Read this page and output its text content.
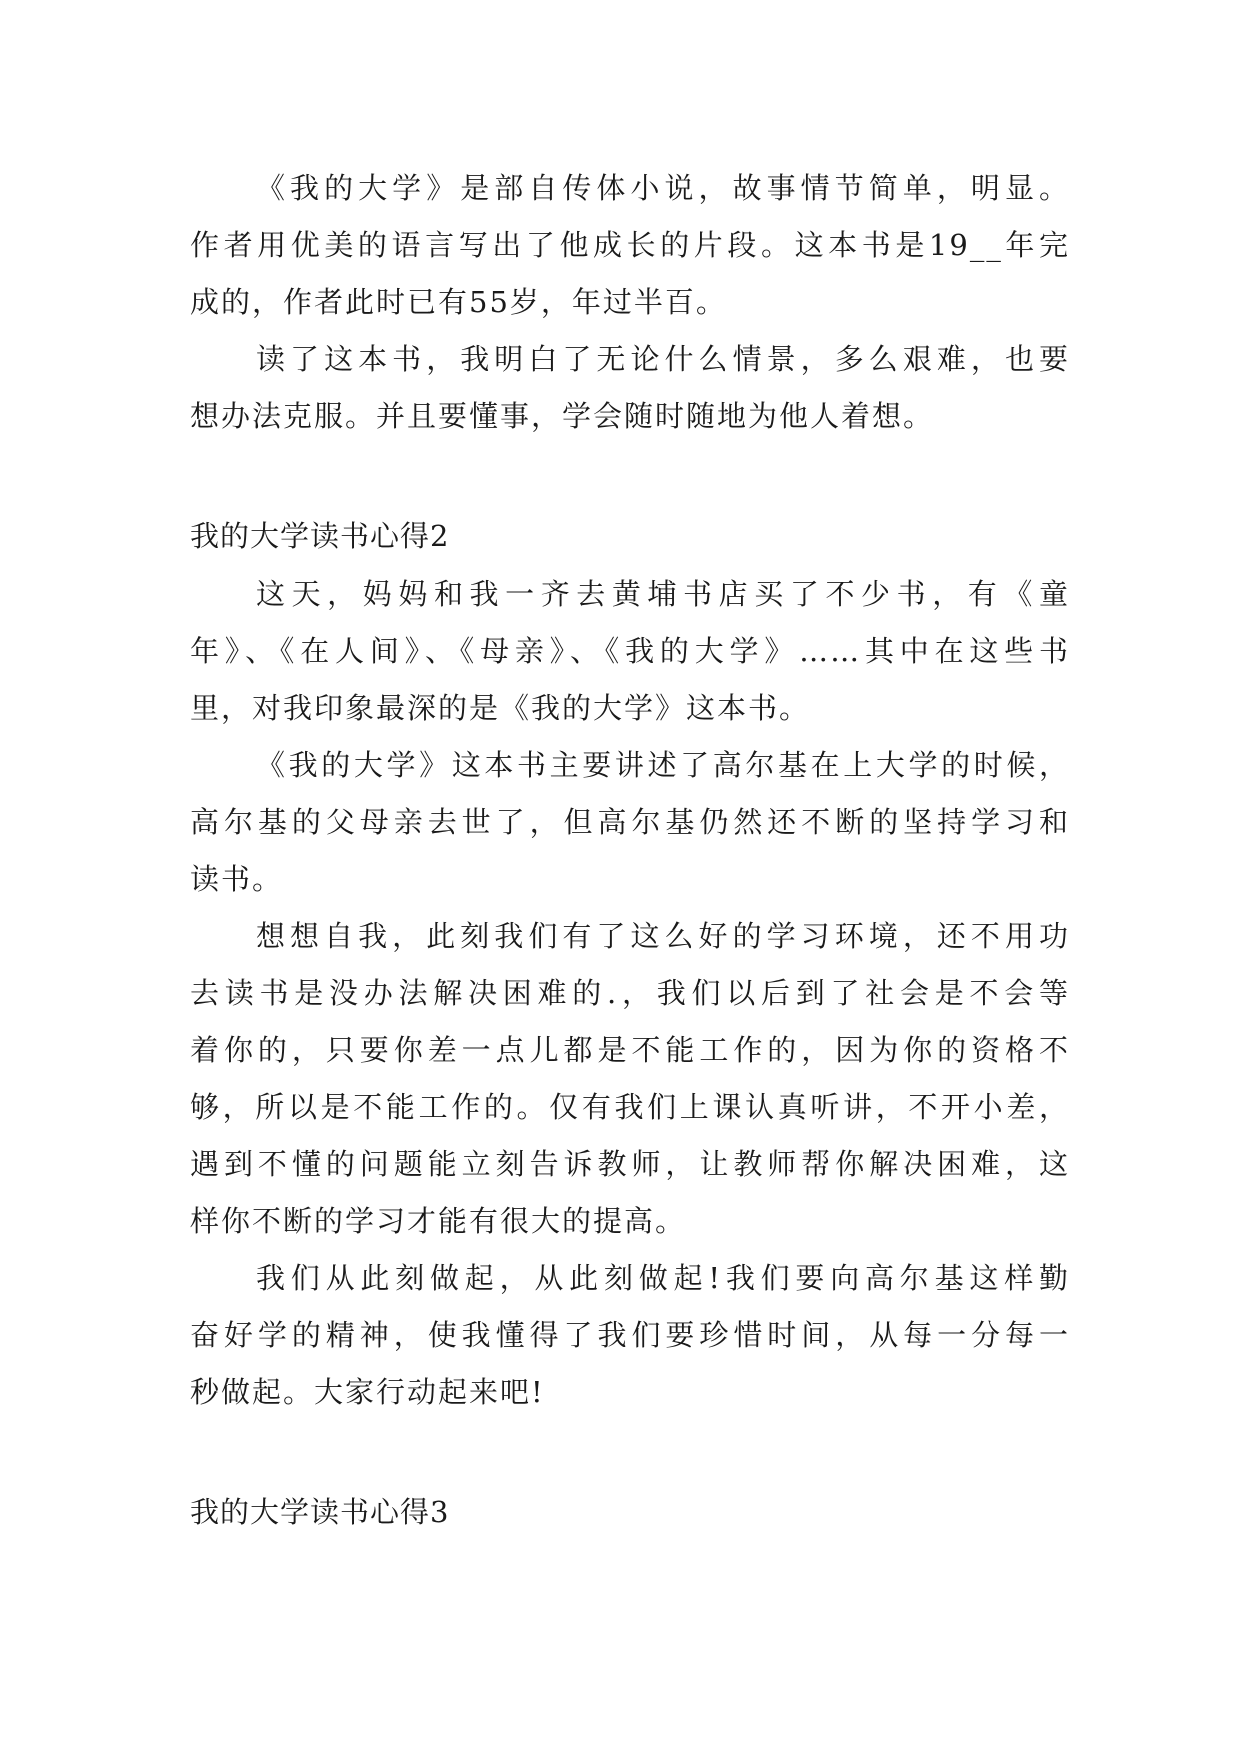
《我的大学》是部自传体小说，故事情节简单，明显。
作者用优美的语言写出了他成长的片段。这本书是19__年完
成的，作者此时已有55岁，年过半百。
读了这本书，我明白了无论什么情景，多么艰难，也要
想办法克服。并且要懂事，学会随时随地为他人着想。
我的大学读书心得2
这天，妈妈和我一齐去黄埔书店买了不少书，有《童
年》、《在人间》、《母亲》、《我的大学》……其中在这些书
里，对我印象最深的是《我的大学》这本书。
《我的大学》这本书主要讲述了高尔基在上大学的时候，
高尔基的父母亲去世了，但高尔基仍然还不断的坚持学习和
读书。
想想自我，此刻我们有了这么好的学习环境，还不用功
去读书是没办法解决困难的.，我们以后到了社会是不会等
着你的，只要你差一点儿都是不能工作的，因为你的资格不
够，所以是不能工作的。仅有我们上课认真听讲，不开小差，
遇到不懂的问题能立刻告诉教师，让教师帮你解决困难，这
样你不断的学习才能有很大的提高。
我们从此刻做起，从此刻做起!我们要向高尔基这样勤
奋好学的精神，使我懂得了我们要珍惜时间，从每一分每一
秒做起。大家行动起来吧!
我的大学读书心得3
